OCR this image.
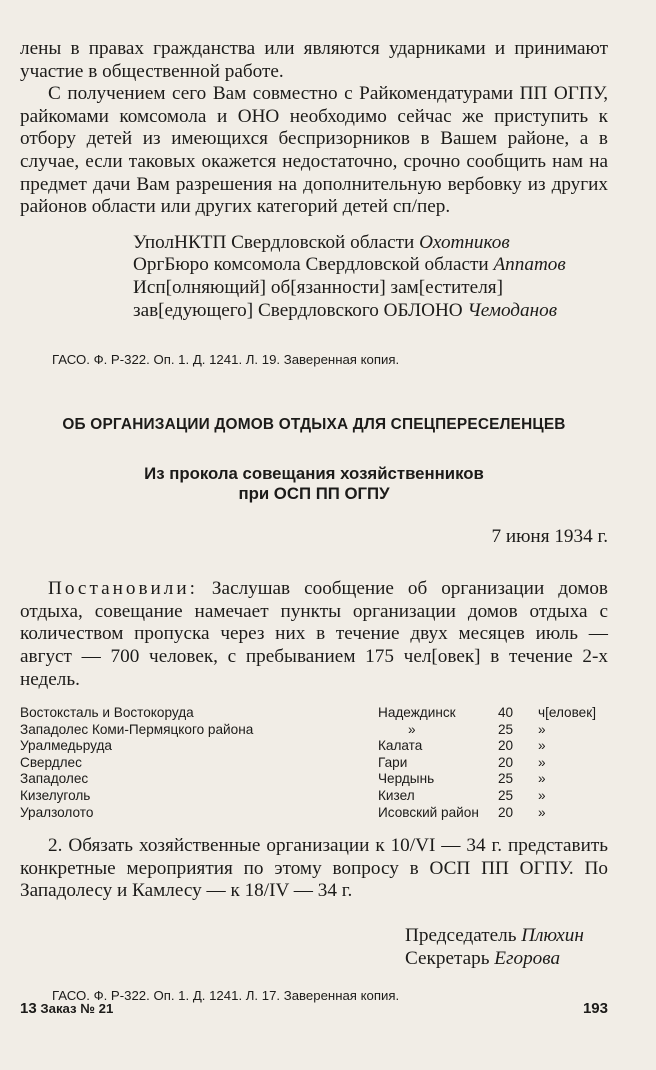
лены в правах гражданства или являются ударниками и принимают участие в общественной работе.

С получением сего Вам совместно с Райкомендатурами ПП ОГПУ, райкомами комсомола и ОНО необходимо сейчас же приступить к отбору детей из имеющихся беспризорников в Вашем районе, а в случае, если таковых окажется недостаточно, срочно сообщить нам на предмет дачи Вам разрешения на дополнительную вербовку из других районов области или других категорий детей сп/пер.

УполНКТП Свердловской области Охотников
ОргБюро комсомола Свердловской области Аппатов
Исп[олняющий] об[язанности] зам[естителя]
зав[едующего] Свердловского ОБЛОНО Чемоданов

ГАСО. Ф. Р-322. Оп. 1. Д. 1241. Л. 19. Заверенная копия.

ОБ ОРГАНИЗАЦИИ ДОМОВ ОТДЫХА ДЛЯ СПЕЦПЕРЕСЕЛЕНЦЕВ

Из прокола совещания хозяйственников
при ОСП ПП ОГПУ

7 июня 1934 г.

Постановили: Заслушав сообщение об организации домов отдыха, совещание намечает пункты организации домов отдыха с количеством пропуска через них в течение двух месяцев июль — август — 700 человек, с пребыванием 175 чел[овек] в течение 2-х недель.

Востоксталь и Востокоруда	Надеждинск	40	ч[еловек]
Западолес Коми-Пермяцкого района	»	25	»
Уралмедьруда	Калата	20	»
Свердлес	Гари	20	»
Западолес	Чердынь	25	»
Кизелуголь	Кизел	25	»
Уралзолото	Исовский район	20	»

2. Обязать хозяйственные организации к 10/VI — 34 г. представить конкретные мероприятия по этому вопросу в ОСП ПП ОГПУ. По Западолесу и Камлесу — к 18/IV — 34 г.

Председатель Плюхин
Секретарь Егорова

ГАСО. Ф. Р-322. Оп. 1. Д. 1241. Л. 17. Заверенная копия.

13 Заказ № 21	193
